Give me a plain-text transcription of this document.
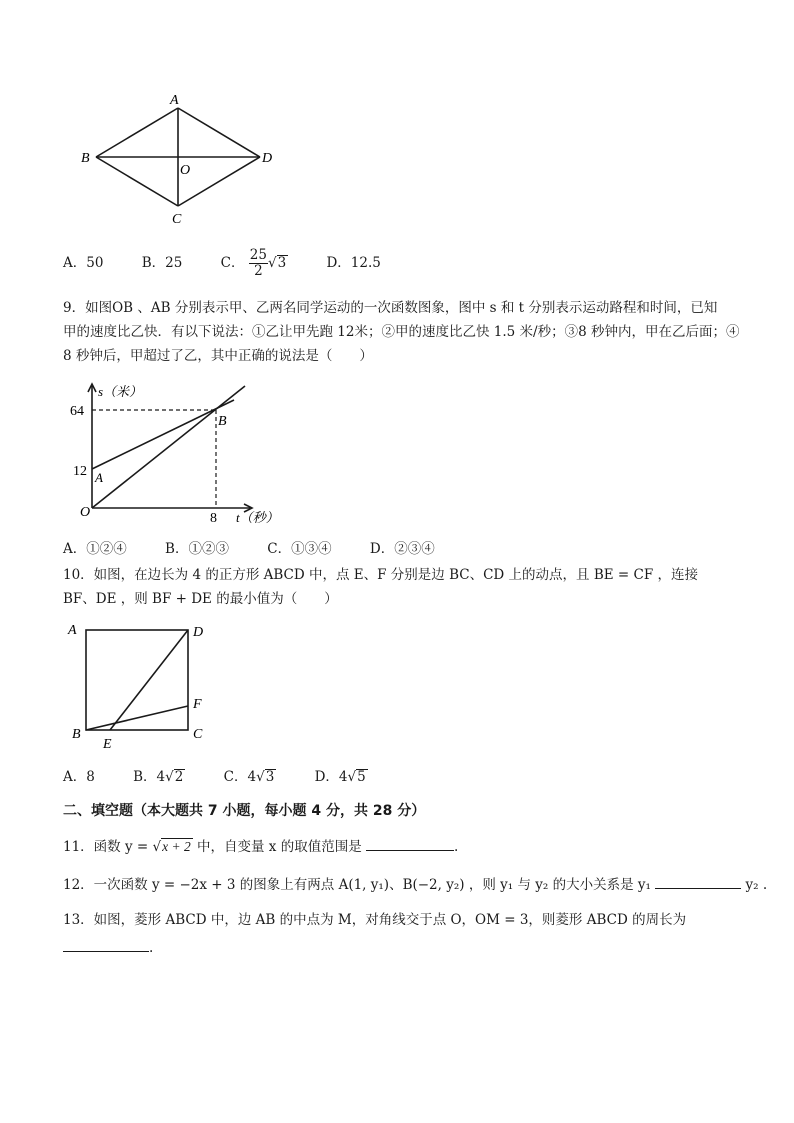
A
B	D
O
C
A．50	B．25	C． $\frac{25}{2} √3$	D．12.5
9．如图OB 、AB 分别表示甲、乙两名同学运动的一次函数图象，图中 s 和 t 分别表示运动路程和时间，已知
甲的速度比乙快．有以下说法：①乙让甲先跑 12米；②甲的速度比乙快 1.5 米/秒；③8 秒钟内，甲在乙后面；④
8 秒钟后，甲超过了乙，其中正确的说法是（　　）
s（米）
64
12 A
B
O	8 t（秒）
A．①②④	B．①②③	C．①③④	D．②③④
10．如图，在边长为 4 的正方形 ABCD 中，点 E、F 分别是边 BC、CD 上的动点，且 BE = CF ，连接
BF、DE ，则 BF + DE 的最小值为（　　）
A	D
F
B	C
E
A．8	B．4√2	C．4√3	D．4√5
二、填空题（本大题共 7 小题，每小题 4 分，共 28 分）
11．函数 y = √x + 2 中，自变量 x 的取值范围是	.
12．一次函数 y = −2x + 3 的图象上有两点 A(1, y₁)、B(−2, y₂) ，则 y₁ 与 y₂ 的大小关系是 y₁	y₂ .
13．如图，菱形 ABCD 中，边 AB 的中点为 M，对角线交于点 O，OM = 3，则菱形 ABCD 的周长为
.
